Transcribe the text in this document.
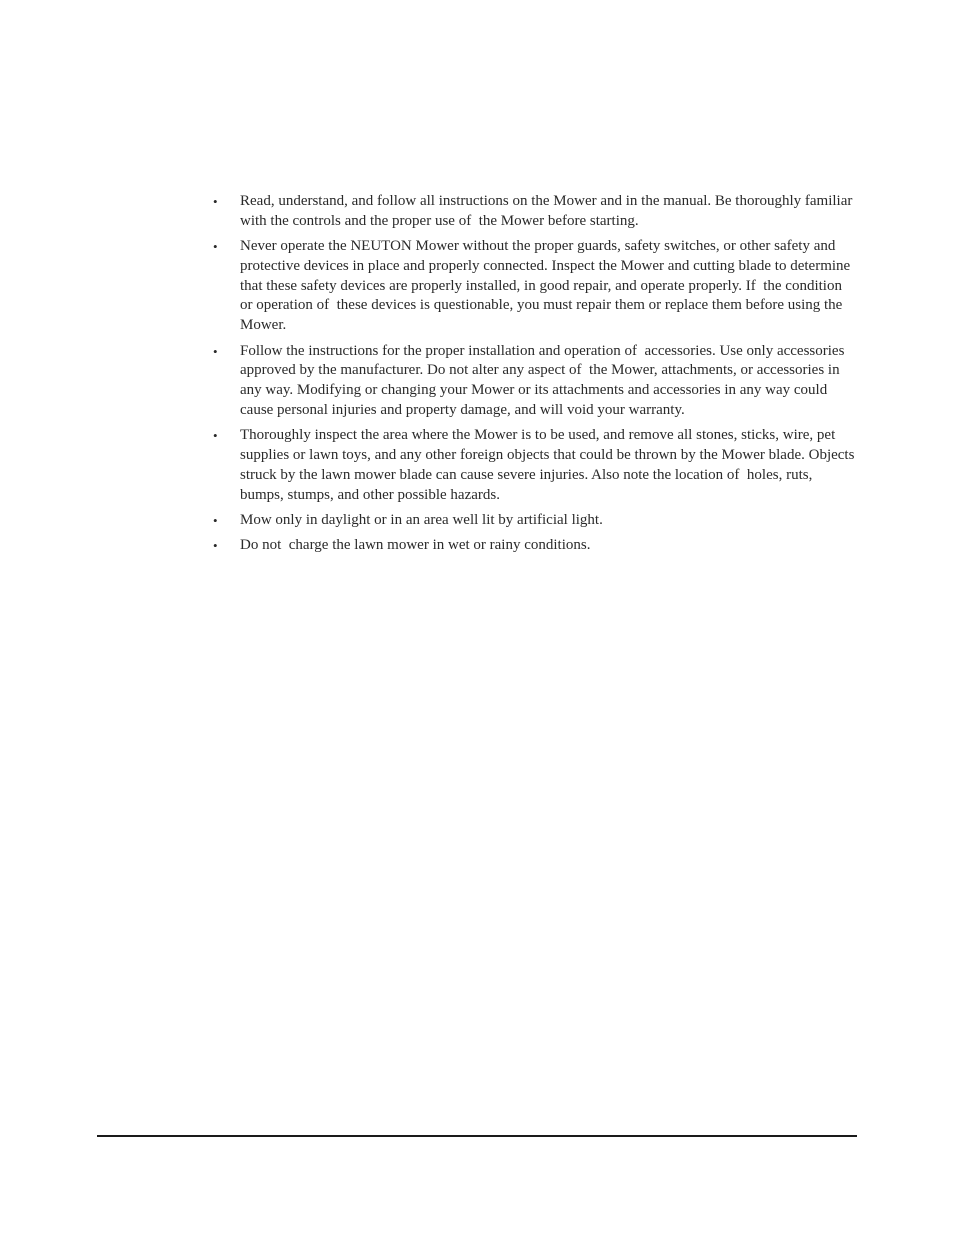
•	Read, understand, and follow all instructions on the Mower and in the manual. Be thoroughly familiar with the controls and the proper use of  the Mower before starting.
•	Never operate the NEUTON Mower without the proper guards, safety switches, or other safety and protective devices in place and properly connected. Inspect the Mower and cutting blade to determine that these safety devices are properly installed, in good repair, and operate properly. If  the condition or operation of  these devices is questionable, you must repair them or replace them before using the Mower.
•	Follow the instructions for the proper installation and operation of  accessories. Use only accessories approved by the manufacturer. Do not alter any aspect of  the Mower, attachments, or accessories in any way. Modifying or changing your Mower or its attachments and accessories in any way could cause personal injuries and property damage, and will void your warranty.
•	Thoroughly inspect the area where the Mower is to be used, and remove all stones, sticks, wire, pet supplies or lawn toys, and any other foreign objects that could be thrown by the Mower blade. Objects struck by the lawn mower blade can cause severe injuries. Also note the location of  holes, ruts, bumps, stumps, and other possible hazards.
•	Mow only in daylight or in an area well lit by artificial light.
•	Do not  charge the lawn mower in wet or rainy conditions.
